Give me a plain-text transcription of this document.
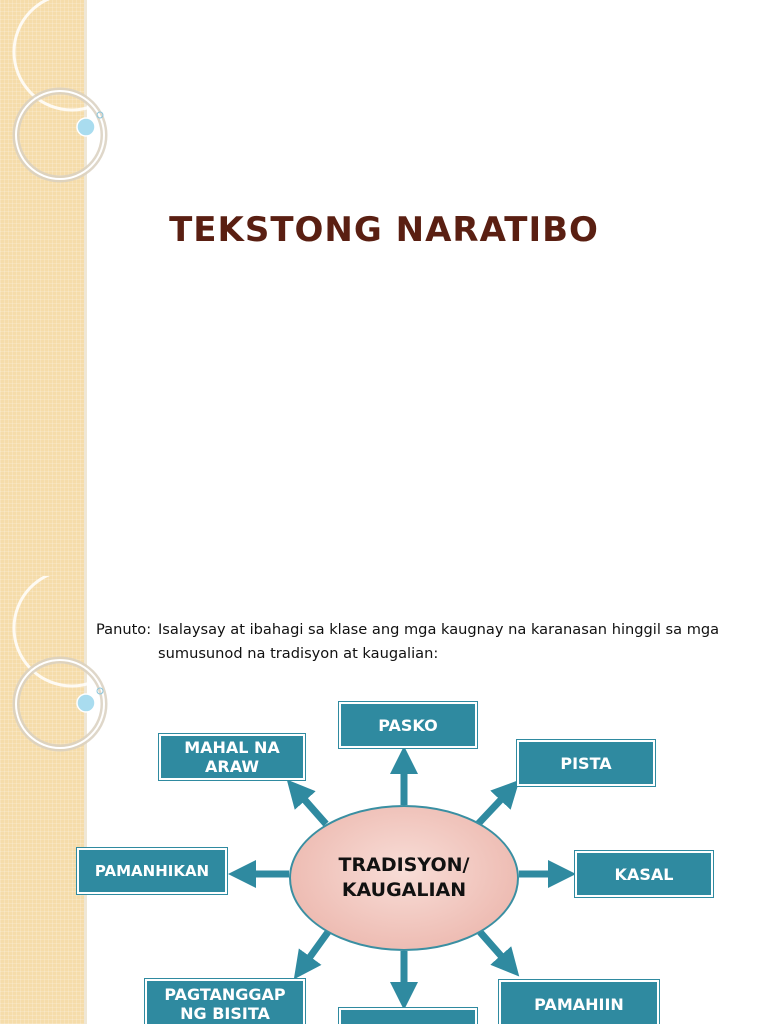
TEKSTONG NARATIBO
Panuto: Isalaysay at ibahagi sa klase ang mga kaugnay na karanasan hinggil sa mga sumusunod na tradisyon at kaugalian:
TRADISYON/
KAUGALIAN
PASKO
PISTA
KASAL
PAMAHIIN
PAGTANGGAP
NG BISITA
PAMANHIKAN
MAHAL NA
ARAW
